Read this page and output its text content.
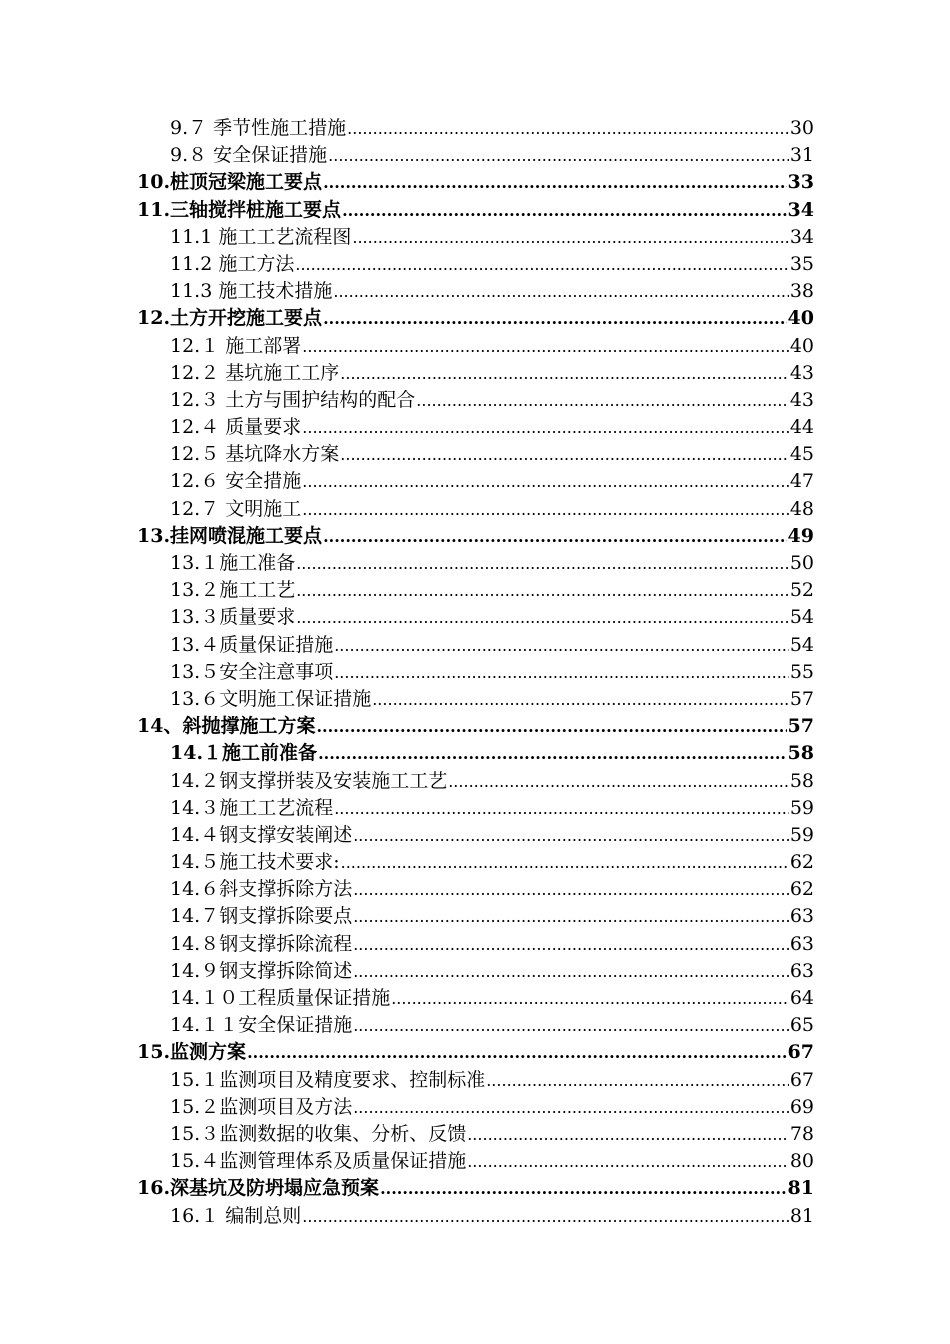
9.７ 季节性施工措施 .....	30
9.８ 安全保证措施 .....	31
10.桩顶冠梁施工要点 .....	33
11.三轴搅拌桩施工要点 .....	34
11.1 施工工艺流程图 .....	34
11.2 施工方法 .....	35
11.3 施工技术措施 .....	38
12.土方开挖施工要点 .....	40
12.１ 施工部署 .....	40
12.２ 基坑施工工序 .....	43
12.３ 土方与围护结构的配合 .....	43
12.４ 质量要求 .....	44
12.５ 基坑降水方案 .....	45
12.６ 安全措施 .....	47
12.７ 文明施工 .....	48
13.挂网喷混施工要点 .....	49
13.１施工准备 .....	50
13.２施工工艺 .....	52
13.３质量要求 .....	54
13.４质量保证措施 .....	54
13.５安全注意事项 .....	55
13.６文明施工保证措施 .....	57
14、斜抛撑施工方案 .....	57
14.１施工前准备 .....	58
14.２钢支撑拼装及安装施工工艺 .....	58
14.３施工工艺流程 .....	59
14.４钢支撑安装阐述 .....	59
14.５施工技术要求: .....	62
14.６斜支撑拆除方法 .....	62
14.７钢支撑拆除要点 .....	63
14.８钢支撑拆除流程 .....	63
14.９钢支撑拆除简述 .....	63
14.１０工程质量保证措施 .....	64
14.１１安全保证措施 .....	65
15.监测方案 .....	67
15.１监测项目及精度要求、控制标准 .....	67
15.２监测项目及方法 .....	69
15.３监测数据的收集、分析、反馈 .....	78
15.４监测管理体系及质量保证措施 .....	80
16.深基坑及防坍塌应急预案 .....	81
16.１ 编制总则 .....	81
